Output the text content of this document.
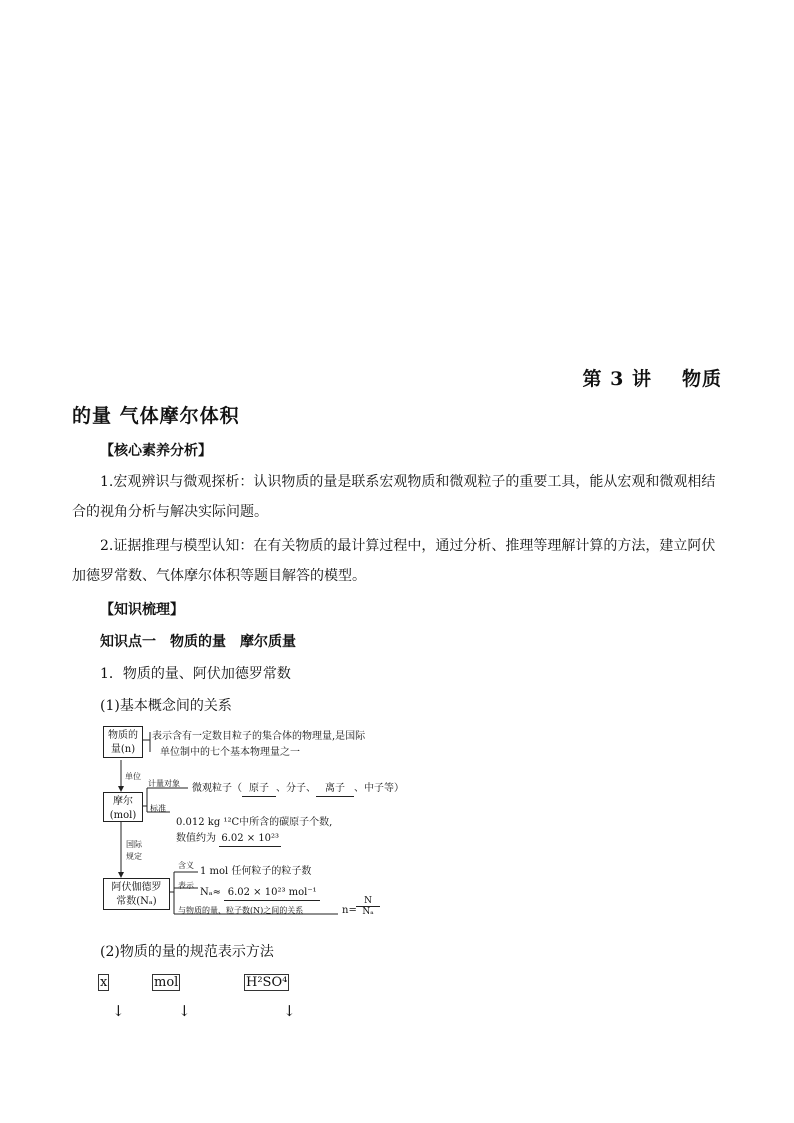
第 3 讲 物质
的量 气体摩尔体积
【核心素养分析】
1.宏观辨识与微观探析：认识物质的量是联系宏观物质和微观粒子的重要工具，能从宏观和微观相结合的视角分析与解决实际问题。
2.证据推理与模型认知：在有关物质的最计算过程中，通过分析、推理等理解计算的方法，建立阿伏加德罗常数、气体摩尔体积等题目解答的模型。
【知识梳理】
知识点一　物质的量　摩尔质量
1．物质的量、阿伏加德罗常数
(1)基本概念间的关系
物质的
量(n)
表示含有一定数目粒子的集合体的物理量,是国际
单位制中的七个基本物理量之一
单位
摩尔
(mol)
计量对象 微观粒子（ 原子 、分子、 离子 、中子等）
标准
0.012 kg ¹²C中所含的碳原子个数,
数值约为 6.02 × 10²³
国际
规定
阿伏伽德罗
常数(Nₐ)
含义
1 mol 任何粒子的粒子数
表示
Nₐ≈ 6.02 × 10²³ mol⁻¹
与物质的量、粒子数(N)之间的关系	$n= \frac{N}{\text{Nₐ}}$
(2)物质的量的规范表示方法
x	mol	H²SO⁴
↓	↓	↓
